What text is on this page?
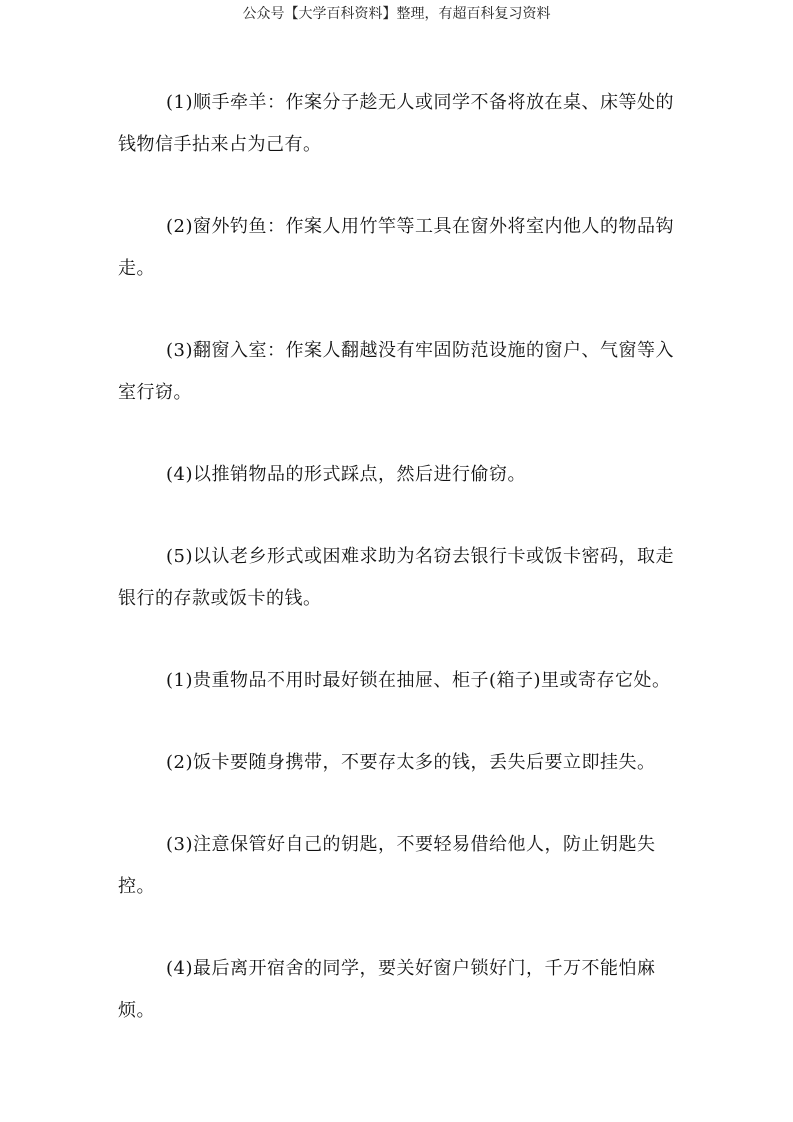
公众号【大学百科资料】整理，有超百科复习资料

(1)顺手牵羊：作案分子趁无人或同学不备将放在桌、床等处的钱物信手拈来占为己有。

(2)窗外钓鱼：作案人用竹竿等工具在窗外将室内他人的物品钩走。

(3)翻窗入室：作案人翻越没有牢固防范设施的窗户、气窗等入室行窃。

(4)以推销物品的形式踩点，然后进行偷窃。

(5)以认老乡形式或困难求助为名窃去银行卡或饭卡密码，取走银行的存款或饭卡的钱。

(1)贵重物品不用时最好锁在抽屉、柜子(箱子)里或寄存它处。

(2)饭卡要随身携带，不要存太多的钱，丢失后要立即挂失。

(3)注意保管好自己的钥匙，不要轻易借给他人，防止钥匙失控。

(4)最后离开宿舍的同学，要关好窗户锁好门，千万不能怕麻烦。
